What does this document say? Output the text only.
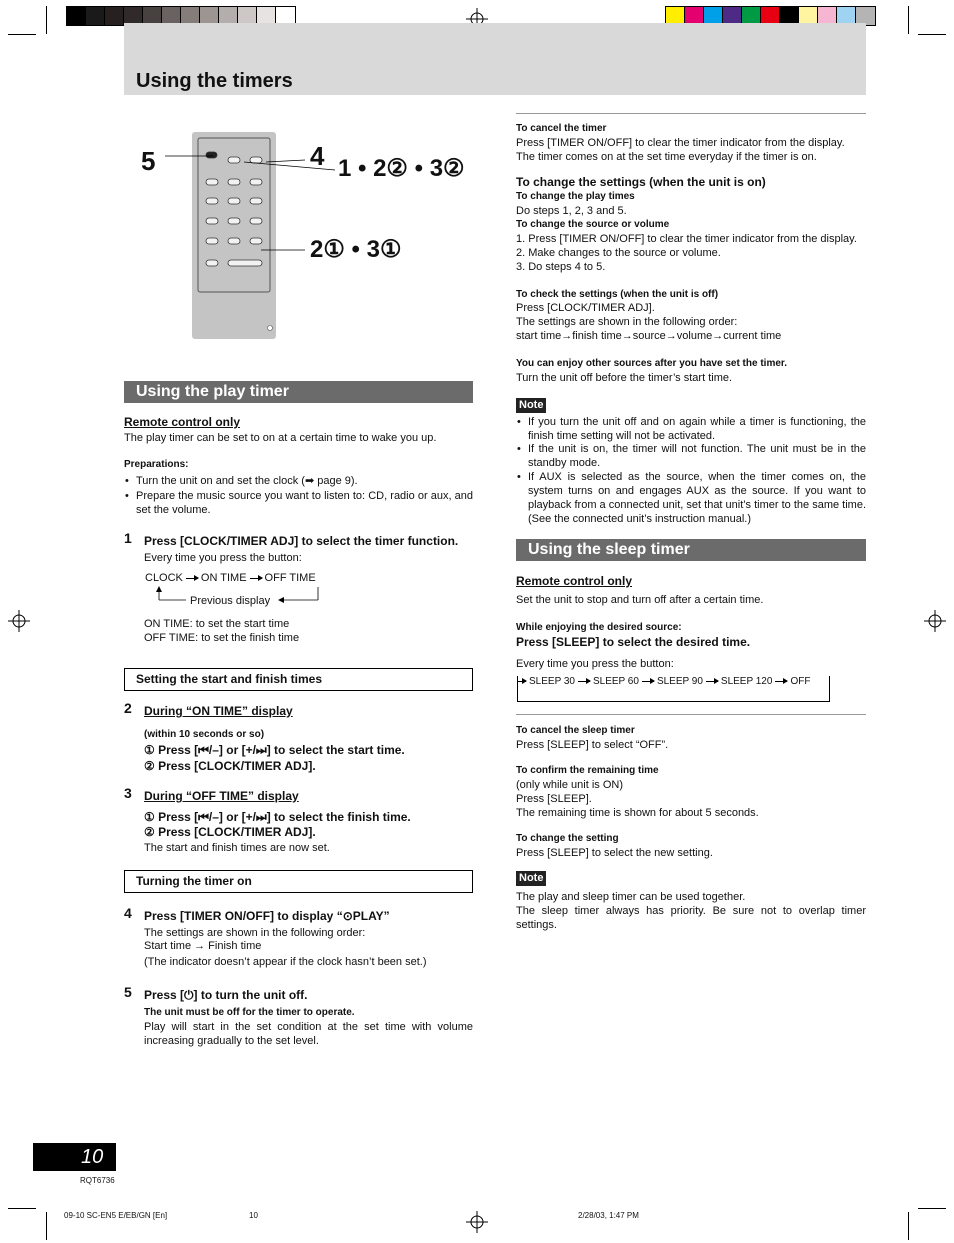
Using the timers
5	4 1 • 2② • 3②
2① • 3①
Using the play timer
Remote control only
The play timer can be set to on at a certain time to wake you up.
Preparations:
• Turn the unit on and set the clock (➡ page 9).
• Prepare the music source you want to listen to: CD, radio or aux, and set the volume.
1 Press [CLOCK/TIMER ADJ] to select the timer function.
Every time you press the button:
CLOCK ON TIME OFF TIME
Previous display
ON TIME: to set the start time
OFF TIME: to set the finish time
Setting the start and finish times
2 During “ON TIME” display
(within 10 seconds or so)
① Press [⏮/–] or [+/⏭] to select the start time.
② Press [CLOCK/TIMER ADJ].
3 During “OFF TIME” display
① Press [⏮/–] or [+/⏭] to select the finish time.
② Press [CLOCK/TIMER ADJ].
The start and finish times are now set.
Turning the timer on
4 Press [TIMER ON/OFF] to display “⊙PLAY”
The settings are shown in the following order:
Start time → Finish time
(The indicator doesn’t appear if the clock hasn’t been set.)
5 Press [⏻] to turn the unit off.
The unit must be off for the timer to operate.
Play will start in the set condition at the set time with volume increasing gradually to the set level.
To cancel the timer
Press [TIMER ON/OFF] to clear the timer indicator from the display. The timer comes on at the set time everyday if the timer is on.
To change the settings (when the unit is on)
To change the play times
Do steps 1, 2, 3 and 5.
To change the source or volume
1. Press [TIMER ON/OFF] to clear the timer indicator from the display.
2. Make changes to the source or volume.
3. Do steps 4 to 5.
To check the settings (when the unit is off)
Press [CLOCK/TIMER ADJ].
The settings are shown in the following order:
start time→finish time→source→volume→current time
You can enjoy other sources after you have set the timer.
Turn the unit off before the timer’s start time.
Note
• If you turn the unit off and on again while a timer is functioning, the finish time setting will not be activated.
• If the unit is on, the timer will not function. The unit must be in the standby mode.
• If AUX is selected as the source, when the timer comes on, the system turns on and engages AUX as the source. If you want to playback from a connected unit, set that unit’s timer to the same time. (See the connected unit’s instruction manual.)
Using the sleep timer
Remote control only
Set the unit to stop and turn off after a certain time.
While enjoying the desired source:
Press [SLEEP] to select the desired time.
Every time you press the button:
SLEEP 30 SLEEP 60 SLEEP 90 SLEEP 120 OFF
To cancel the sleep timer
Press [SLEEP] to select “OFF”.
To confirm the remaining time
(only while unit is ON)
Press [SLEEP].
The remaining time is shown for about 5 seconds.
To change the setting
Press [SLEEP] to select the new setting.
Note
The play and sleep timer can be used together.
The sleep timer always has priority. Be sure not to overlap timer settings.
10
RQT6736
09-10 SC-EN5 E/EB/GN [En]	10	2/28/03, 1:47 PM
